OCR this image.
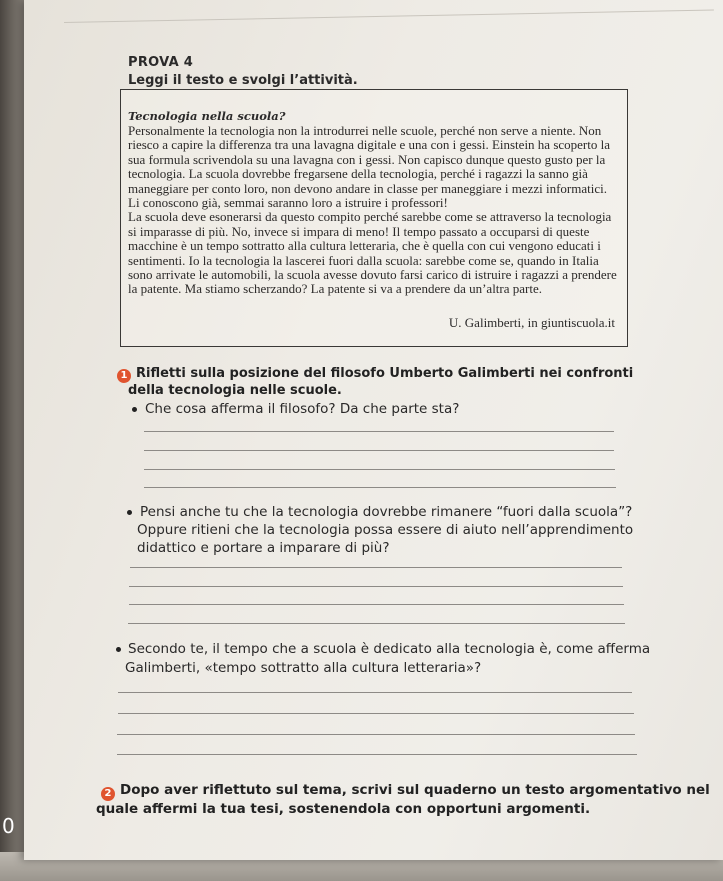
PROVA 4
Leggi il testo e svolgi l’attività.
Tecnologia nella scuola?

Personalmente la tecnologia non la introdurrei nelle scuole, perché non serve a niente. Non riesco a capire la differenza tra una lavagna digitale e una con i gessi. Einstein ha scoperto la sua formula scrivendola su una lavagna con i gessi. Non capisco dunque questo gusto per la tecnologia. La scuola dovrebbe fregarsene della tecnologia, perché i ragazzi la sanno già maneggiare per conto loro, non devono andare in classe per maneggiare i mezzi informatici. Li conoscono già, semmai saranno loro a istruire i professori!

La scuola deve esonerarsi da questo compito perché sarebbe come se attraverso la tecnologia si imparasse di più. No, invece si impara di meno! Il tempo passato a occuparsi di queste macchine è un tempo sottratto alla cultura letteraria, che è quella con cui vengono educati i sentimenti. Io la tecnologia la lascerei fuori dalla scuola: sarebbe come se, quando in Italia sono arrivate le automobili, la scuola avesse dovuto farsi carico di istruire i ragazzi a prendere la patente. Ma stiamo scherzando? La patente si va a prendere da un’altra parte.

U. Galimberti, in giuntiscuola.it
1 Rifletti sulla posizione del filosofo Umberto Galimberti nei confronti
della tecnologia nelle scuole.
Che cosa afferma il filosofo? Da che parte sta?
Pensi anche tu che la tecnologia dovrebbe rimanere “fuori dalla scuola”?
Oppure ritieni che la tecnologia possa essere di aiuto nell’apprendimento
didattico e portare a imparare di più?
Secondo te, il tempo che a scuola è dedicato alla tecnologia è, come afferma
Galimberti, «tempo sottratto alla cultura letteraria»?
2 Dopo aver riflettuto sul tema, scrivi sul quaderno un testo argomentativo nel
quale affermi la tua tesi, sostenendola con opportuni argomenti.
0
